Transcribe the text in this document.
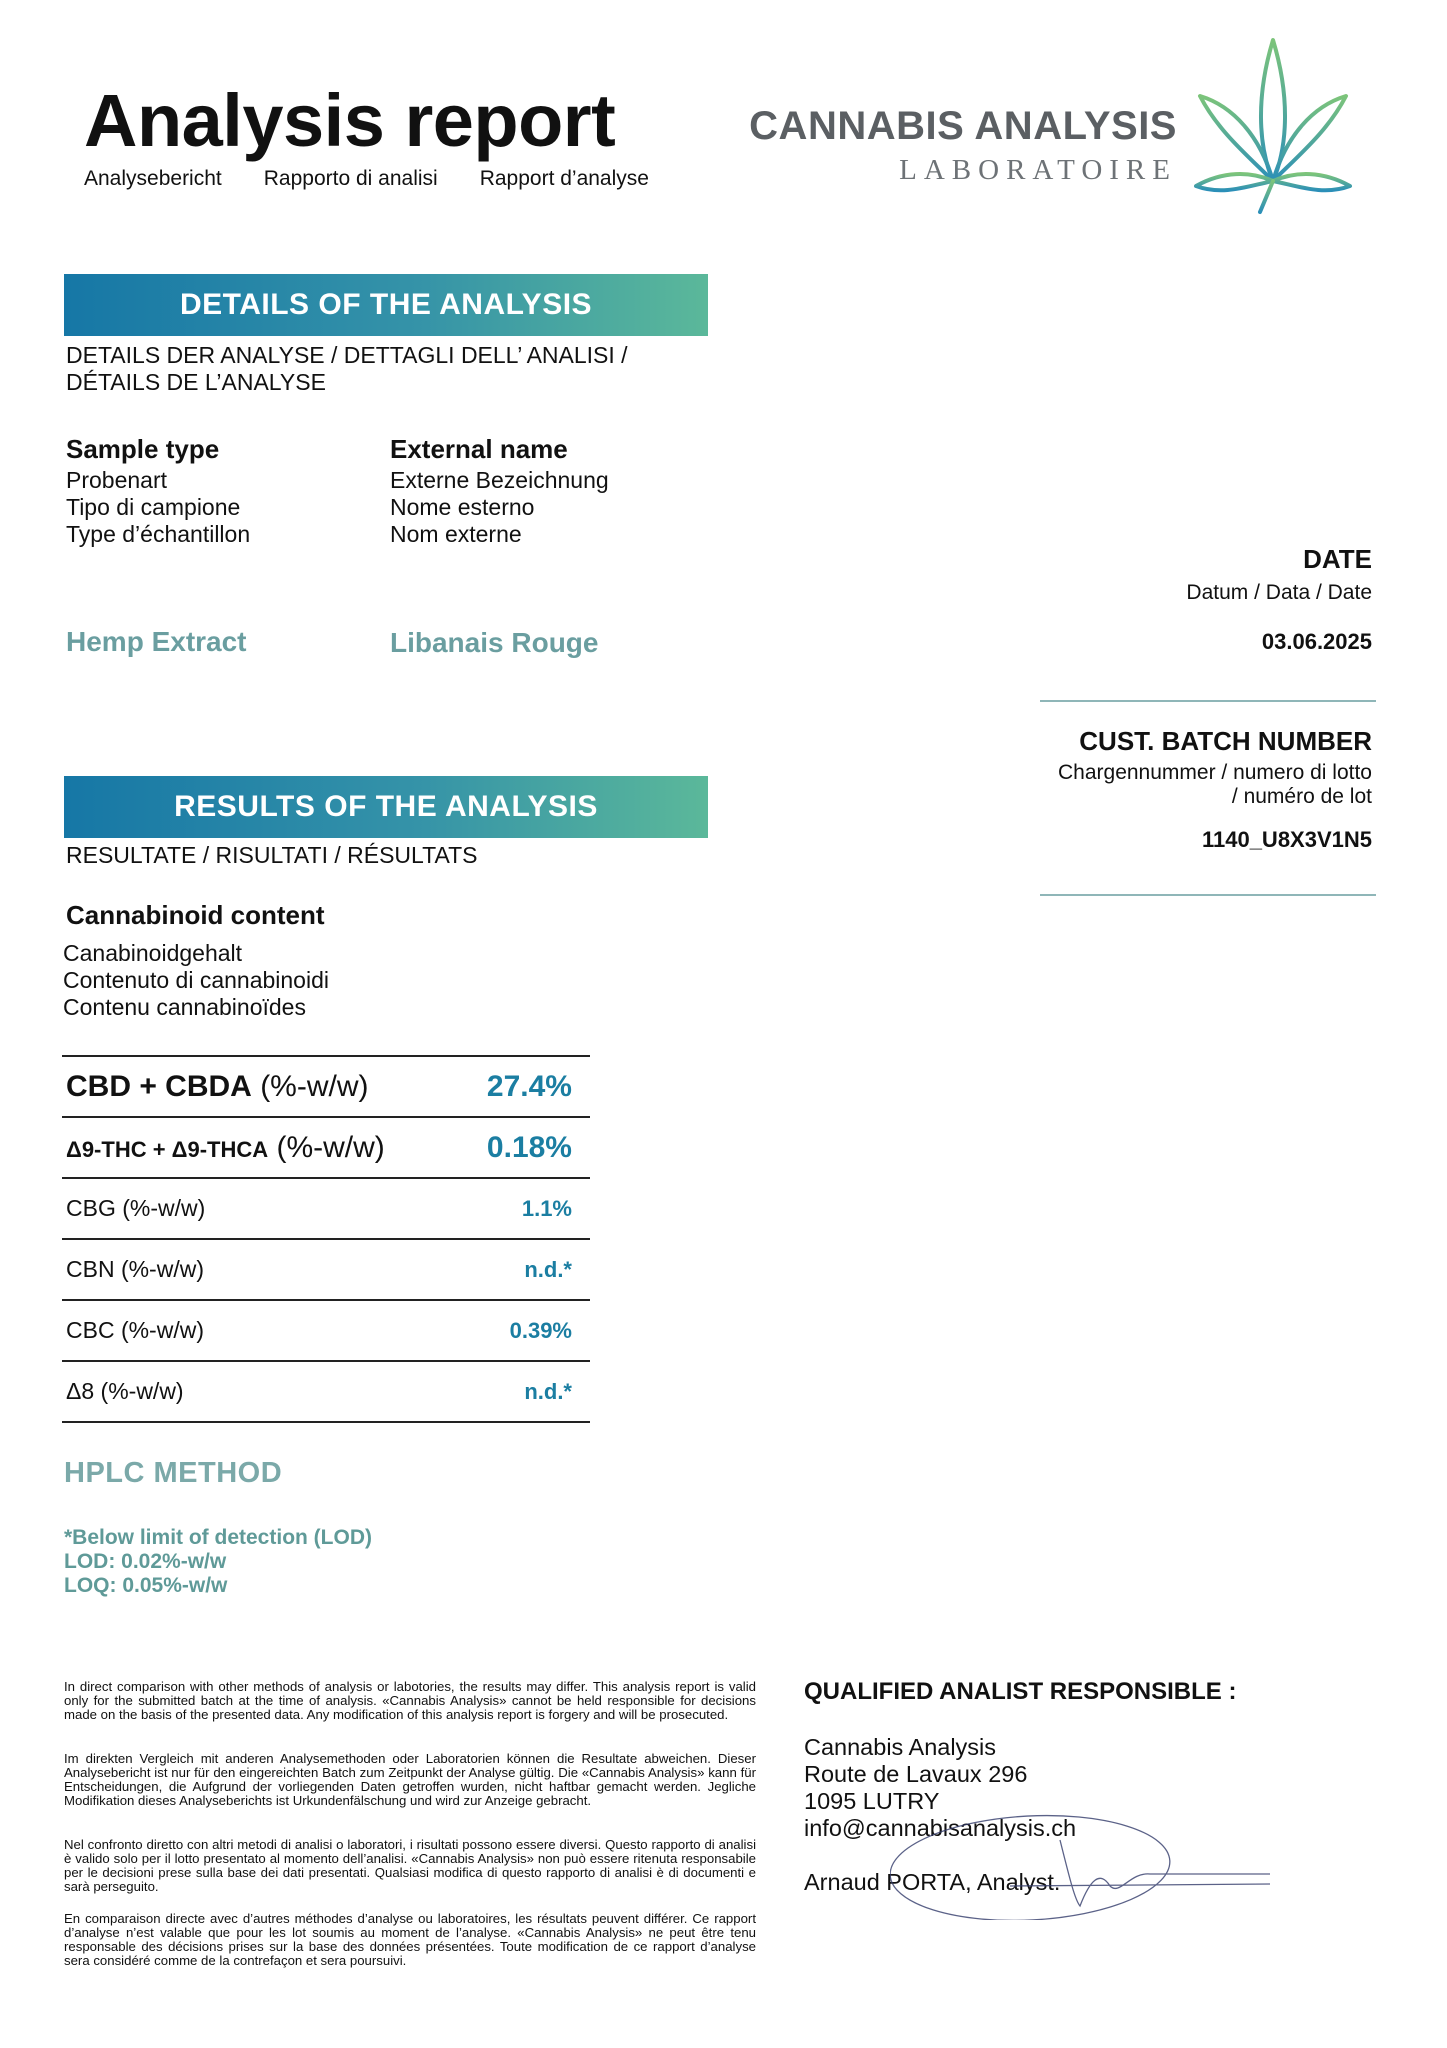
Analysis report
Analysebericht Rapporto di analisi Rapport d’analyse
CANNABIS ANALYSIS
LABORATOIRE
DETAILS OF THE ANALYSIS
DETAILS DER ANALYSE / DETTAGLI DELL’ ANALISI /
DÉTAILS DE L’ANALYSE
Sample type
Probenart
Tipo di campione
Type d’échantillon
Hemp Extract
External name
Externe Bezeichnung
Nome esterno
Nom externe
Libanais Rouge
DATE
Datum / Data / Date
03.06.2025
CUST. BATCH NUMBER
Chargennummer / numero di lotto
/ numéro de lot
1140_U8X3V1N5
RESULTS OF THE ANALYSIS
RESULTATE / RISULTATI / RÉSULTATS
Cannabinoid content
Canabinoidgehalt
Contenuto di cannabinoidi
Contenu cannabinoïdes
CBD + CBDA (%-w/w)	27.4%
Δ9-THC + Δ9-THCA (%-w/w)	0.18%
CBG (%-w/w)	1.1%
CBN (%-w/w)	n.d.*
CBC (%-w/w)	0.39%
Δ8 (%-w/w)	n.d.*
HPLC METHOD
*Below limit of detection (LOD)
LOD: 0.02%-w/w
LOQ: 0.05%-w/w
In direct comparison with other methods of analysis or labotories, the results may differ. This analysis report is valid only for the submitted batch at the time of analysis. «Cannabis Analysis» cannot be held responsible for decisions made on the basis of the presented data. Any modification of this analysis report is forgery and will be prosecuted.
Im direkten Vergleich mit anderen Analysemethoden oder Laboratorien können die Resultate abweichen. Dieser Analysebericht ist nur für den eingereichten Batch zum Zeitpunkt der Analyse gültig. Die «Cannabis Analysis» kann für Entscheidungen, die Aufgrund der vorliegenden Daten getroffen wurden, nicht haftbar gemacht werden. Jegliche Modifikation dieses Analyseberichts ist Urkundenfälschung und wird zur Anzeige gebracht.
Nel confronto diretto con altri metodi di analisi o laboratori, i risultati possono essere diversi. Questo rapporto di analisi è valido solo per il lotto presentato al momento dell’analisi. «Cannabis Analysis» non può essere ritenuta responsabile per le decisioni prese sulla base dei dati presentati. Qualsiasi modifica di questo rapporto di analisi è di documenti e sarà perseguito.
En comparaison directe avec d’autres méthodes d’analyse ou laboratoires, les résultats peuvent différer. Ce rapport d’analyse n’est valable que pour les lot soumis au moment de l’analyse. «Cannabis Analysis» ne peut être tenu responsable des décisions prises sur la base des données présentées. Toute modification de ce rapport d’analyse sera considéré comme de la contrefaçon et sera poursuivi.
QUALIFIED ANALIST RESPONSIBLE :
Cannabis Analysis
Route de Lavaux 296
1095 LUTRY
info@cannabisanalysis.ch
Arnaud PORTA, Analyst.
